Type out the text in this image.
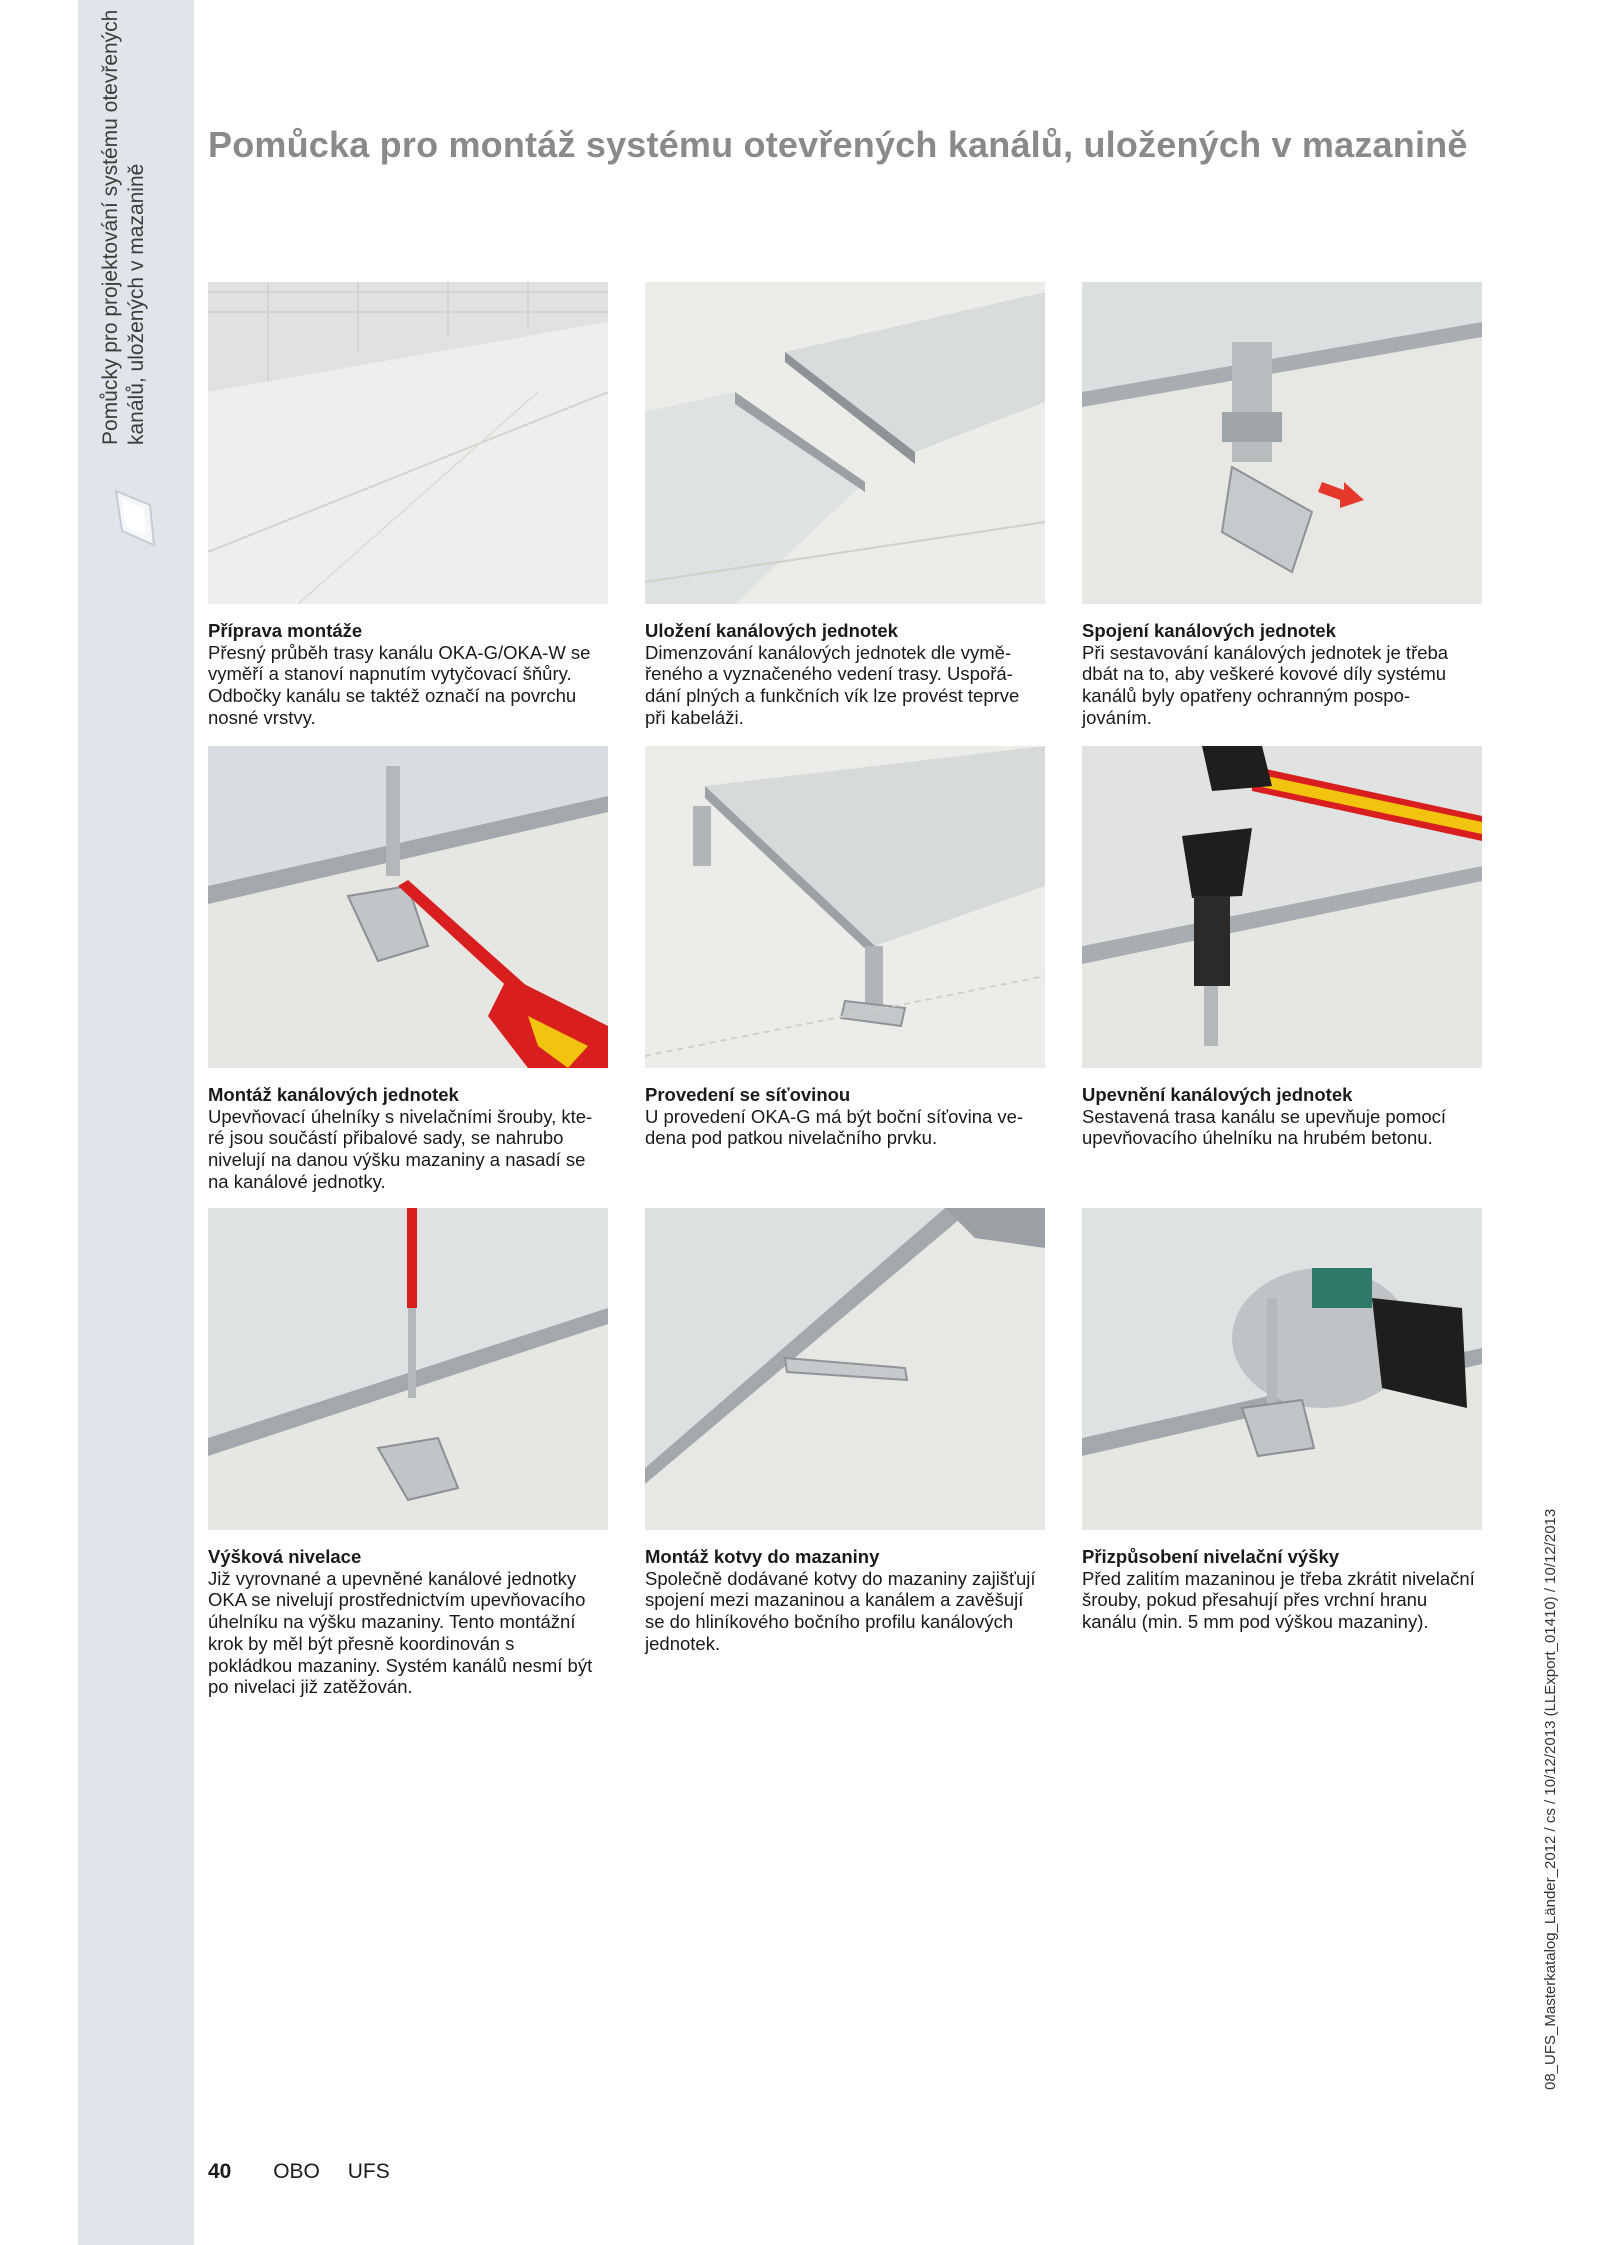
Pomůcky pro projektování systému otevřených kanálů, uložených v mazanině
Pomůcka pro montáž systému otevřených kanálů, uložených v mazanině
Příprava montáže
Přesný průběh trasy kanálu OKA-G/OKA-W se
vyměří a stanoví napnutím vytyčovací šňůry.
Odbočky kanálu se taktéž označí na povrchu
nosné vrstvy.
Uložení kanálových jednotek
Dimenzování kanálových jednotek dle vymě-
řeného a vyznačeného vedení trasy. Uspořá-
dání plných a funkčních vík lze provést teprve
při kabeláži.
Spojení kanálových jednotek
Při sestavování kanálových jednotek je třeba
dbát na to, aby veškeré kovové díly systému
kanálů byly opatřeny ochranným pospo-
jováním.
Montáž kanálových jednotek
Upevňovací úhelníky s nivelačními šrouby, kte-
ré jsou součástí přibalové sady, se nahrubo
nivelují na danou výšku mazaniny a nasadí se
na kanálové jednotky.
Provedení se síťovinou
U provedení OKA-G má být boční síťovina ve-
dena pod patkou nivelačního prvku.
Upevnění kanálových jednotek
Sestavená trasa kanálu se upevňuje pomocí
upevňovacího úhelníku na hrubém betonu.
Výšková nivelace
Již vyrovnané a upevněné kanálové jednotky
OKA se nivelují prostřednictvím upevňovacího
úhelníku na výšku mazaniny. Tento montážní
krok by měl být přesně koordinován s
pokládkou mazaniny. Systém kanálů nesmí být
po nivelaci již zatěžován.
Montáž kotvy do mazaniny
Společně dodávané kotvy do mazaniny zajišťují
spojení mezi mazaninou a kanálem a zavěšují
se do hliníkového bočního profilu kanálových
jednotek.
Přizpůsobení nivelační výšky
Před zalitím mazaninou je třeba zkrátit nivelační
šrouby, pokud přesahují přes vrchní hranu
kanálu (min. 5 mm pod výškou mazaniny).
40 OBO UFS
08_UFS_Masterkatalog_Länder_2012 / cs / 10/12/2013 (LLExport_01410) / 10/12/2013
